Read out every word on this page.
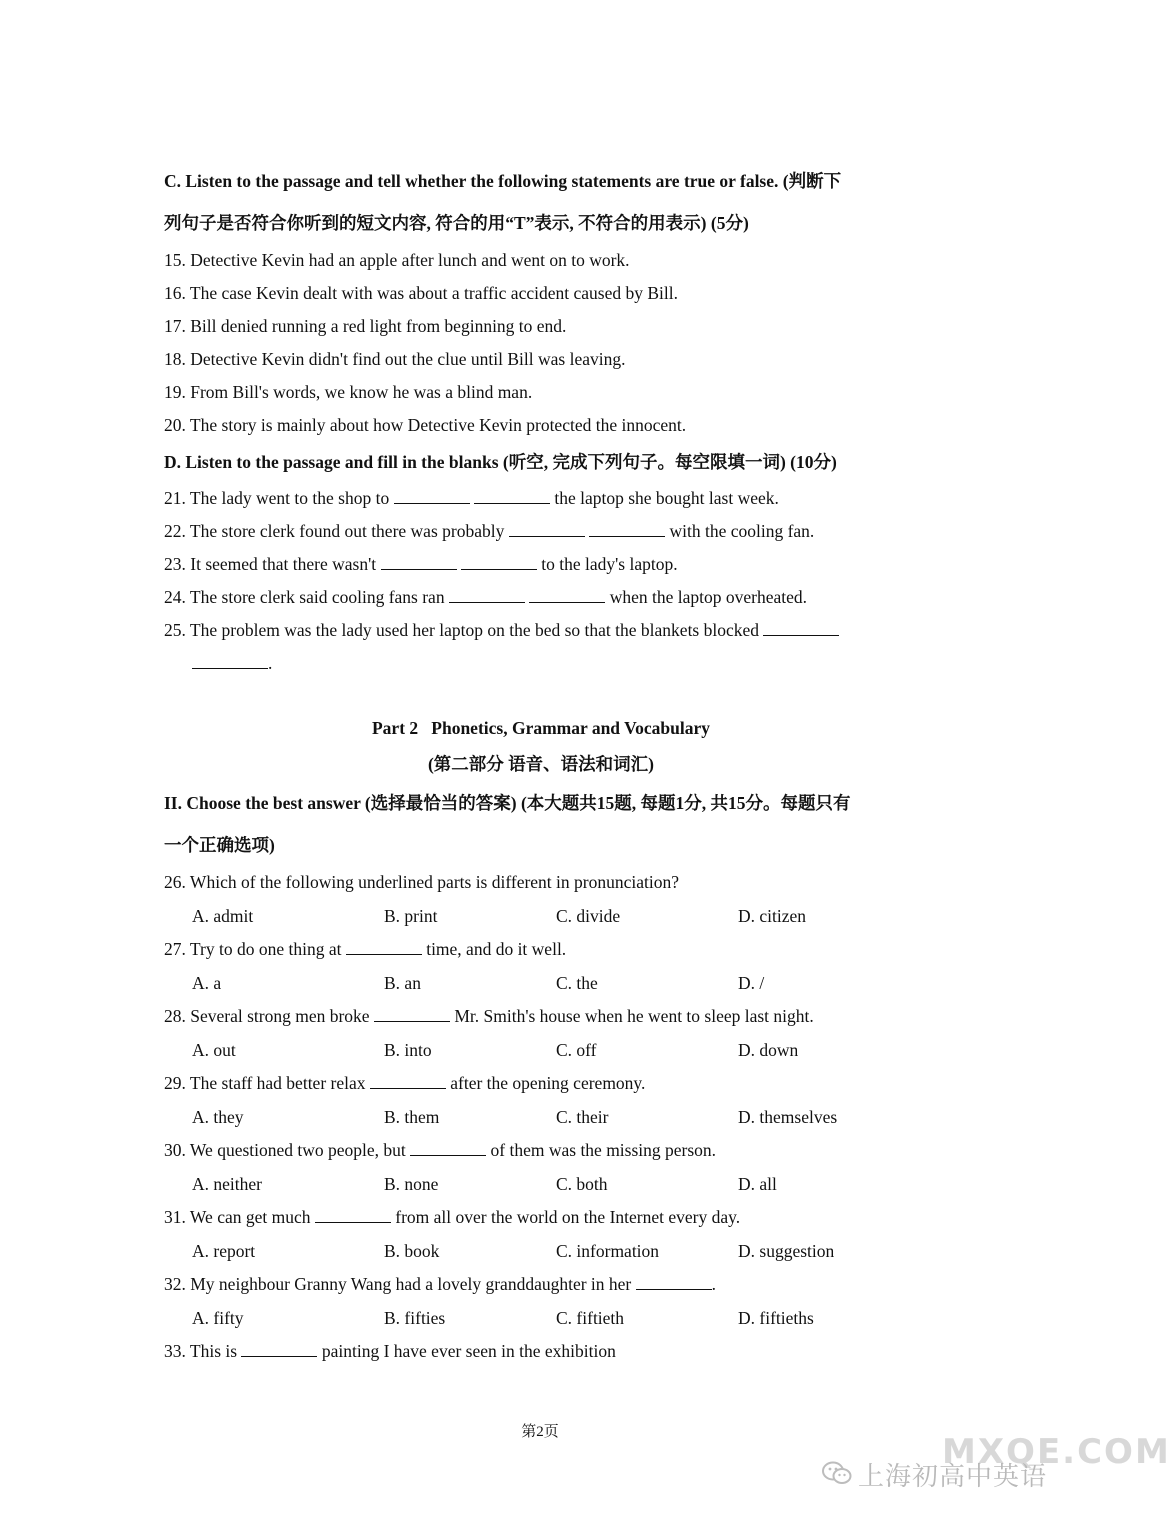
C. Listen to the passage and tell whether the following statements are true or false. (判断下
列句子是否符合你听到的短文内容, 符合的用“T”表示, 不符合的用表示) (5分)
15. Detective Kevin had an apple after lunch and went on to work.
16. The case Kevin dealt with was about a traffic accident caused by Bill.
17. Bill denied running a red light from beginning to end.
18. Detective Kevin didn't find out the clue until Bill was leaving.
19. From Bill's words, we know he was a blind man.
20. The story is mainly about how Detective Kevin protected the innocent.
D. Listen to the passage and fill in the blanks (听空, 完成下列句子。每空限填一词) (10分)
21. The lady went to the shop to	the laptop she bought last week.
22. The store clerk found out there was probably	with the cooling fan.
23. It seemed that there wasn't	to the lady's laptop.
24. The store clerk said cooling fans ran	when the laptop overheated.
25. The problem was the lady used her laptop on the bed so that the blankets blocked
.
Part 2   Phonetics, Grammar and Vocabulary
(第二部分 语音、语法和词汇)
II. Choose the best answer (选择最恰当的答案) (本大题共15题, 每题1分, 共15分。每题只有
一个正确选项)
26. Which of the following underlined parts is different in pronunciation?
A. admit	B. print	C. divide	D. citizen
27. Try to do one thing at	time, and do it well.
A. a	B. an	C. the	D. /
28. Several strong men broke	Mr. Smith's house when he went to sleep last night.
A. out	B. into	C. off	D. down
29. The staff had better relax	after the opening ceremony.
A. they	B. them	C. their	D. themselves
30. We questioned two people, but	of them was the missing person.
A. neither	B. none	C. both	D. all
31. We can get much	from all over the world on the Internet every day.
A. report	B. book	C. information	D. suggestion
32. My neighbour Granny Wang had a lovely granddaughter in her	.
A. fifty	B. fifties	C. fiftieth	D. fiftieths
33. This is	painting I have ever seen in the exhibition
第2页	MXQE.COM
上海初高中英语
